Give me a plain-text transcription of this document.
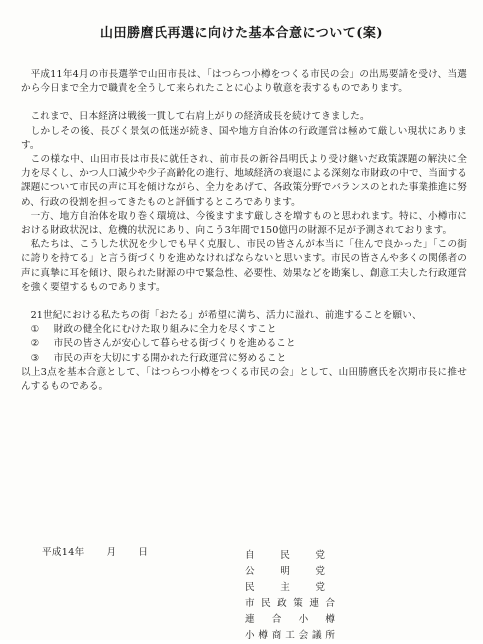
山田勝麿氏再選に向けた基本合意について(案)

平成11年4月の市長選挙で山田市長は、「はつらつ小樽をつくる市民の会」の出馬要請を受け、当選から今日まで全力で職責を全うして来られたことに心より敬意を表するものであります。

これまで、日本経済は戦後一貫して右肩上がりの経済成長を続けてきました。

しかしその後、長びく景気の低迷が続き、国や地方自治体の行政運営は極めて厳しい現状にあります。

この様な中、山田市長は市長に就任され、前市長の新谷昌明氏より受け継いだ政策課題の解決に全力を尽くし、かつ人口減少や少子高齢化の進行、地域経済の衰退による深刻な市財政の中で、当面する課題について市民の声に耳を傾けながら、全力をあげて、各政策分野でバランスのとれた事業推進に努め、行政の役割を担ってきたものと評価するところであります。

一方、地方自治体を取り巻く環境は、今後ますます厳しさを増すものと思われます。特に、小樽市における財政状況は、危機的状況にあり、向こう3年間で150億円の財源不足が予測されております。

私たちは、こうした状況を少しでも早く克服し、市民の皆さんが本当に「住んで良かった」「この街に誇りを持てる」と言う街づくりを進めなければならないと思います。市民の皆さんや多くの関係者の声に真摯に耳を傾け、限られた財源の中で緊急性、必要性、効果などを勘案し、創意工夫した行政運営を強く要望するものであります。

21世紀における私たちの街「おたる」が希望に満ち、活力に溢れ、前進することを願い、

①	財政の健全化にむけた取り組みに全力を尽くすこと
②	市民の皆さんが安心して暮らせる街づくりを進めること
③	市民の声を大切にする開かれた行政運営に努めること

以上3点を基本合意として、「はつらつ小樽をつくる市民の会」として、山田勝麿氏を次期市長に推せんするものである。

平成14年 月 日	自民党
公明党
民主党
市民政策連合
連合小樽
小樽商工会議所
